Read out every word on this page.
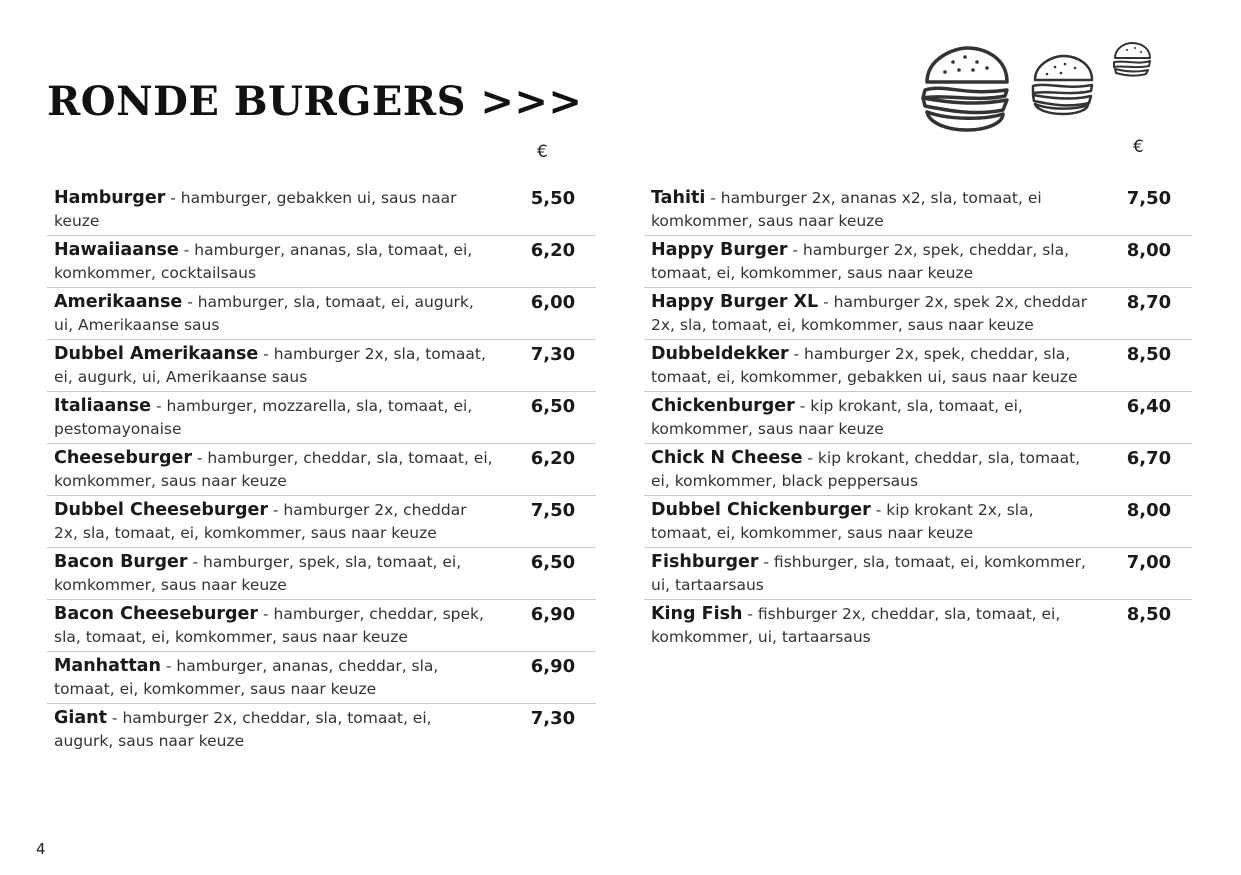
RONDE BURGERS >>>
€	€
Hamburger - hamburger, gebakken ui, saus naar keuze
5,50
Hawaiiaanse - hamburger, ananas, sla, tomaat, ei, komkommer, cocktailsaus
6,20
Amerikaanse - hamburger, sla, tomaat, ei, augurk, ui, Amerikaanse saus
6,00
Dubbel Amerikaanse - hamburger 2x, sla, tomaat, ei, augurk, ui, Amerikaanse saus
7,30
Italiaanse - hamburger, mozzarella, sla, tomaat, ei, pestomayonaise
6,50
Cheeseburger - hamburger, cheddar, sla, tomaat, ei, komkommer, saus naar keuze
6,20
Dubbel Cheeseburger - hamburger 2x, cheddar 2x, sla, tomaat, ei, komkommer, saus naar keuze
7,50
Bacon Burger - hamburger, spek, sla, tomaat, ei, komkommer, saus naar keuze
6,50
Bacon Cheeseburger - hamburger, cheddar, spek, sla, tomaat, ei, komkommer, saus naar keuze
6,90
Manhattan - hamburger, ananas, cheddar, sla, tomaat, ei, komkommer, saus naar keuze
6,90
Giant - hamburger 2x, cheddar, sla, tomaat, ei, augurk, saus naar keuze
7,30
Tahiti - hamburger 2x, ananas x2, sla, tomaat, ei komkommer, saus naar keuze
7,50
Happy Burger - hamburger 2x, spek, cheddar, sla, tomaat, ei, komkommer, saus naar keuze
8,00
Happy Burger XL - hamburger 2x, spek 2x, cheddar 2x, sla, tomaat, ei, komkommer, saus naar keuze
8,70
Dubbeldekker - hamburger 2x, spek, cheddar, sla, tomaat, ei, komkommer, gebakken ui, saus naar keuze
8,50
Chickenburger - kip krokant, sla, tomaat, ei, komkommer, saus naar keuze
6,40
Chick N Cheese - kip krokant, cheddar, sla, tomaat, ei, komkommer, black peppersaus
6,70
Dubbel Chickenburger - kip krokant 2x, sla, tomaat, ei, komkommer, saus naar keuze
8,00
Fishburger - fishburger, sla, tomaat, ei, komkommer, ui, tartaarsaus
7,00
King Fish - fishburger 2x, cheddar, sla, tomaat, ei, komkommer, ui, tartaarsaus
8,50
4
